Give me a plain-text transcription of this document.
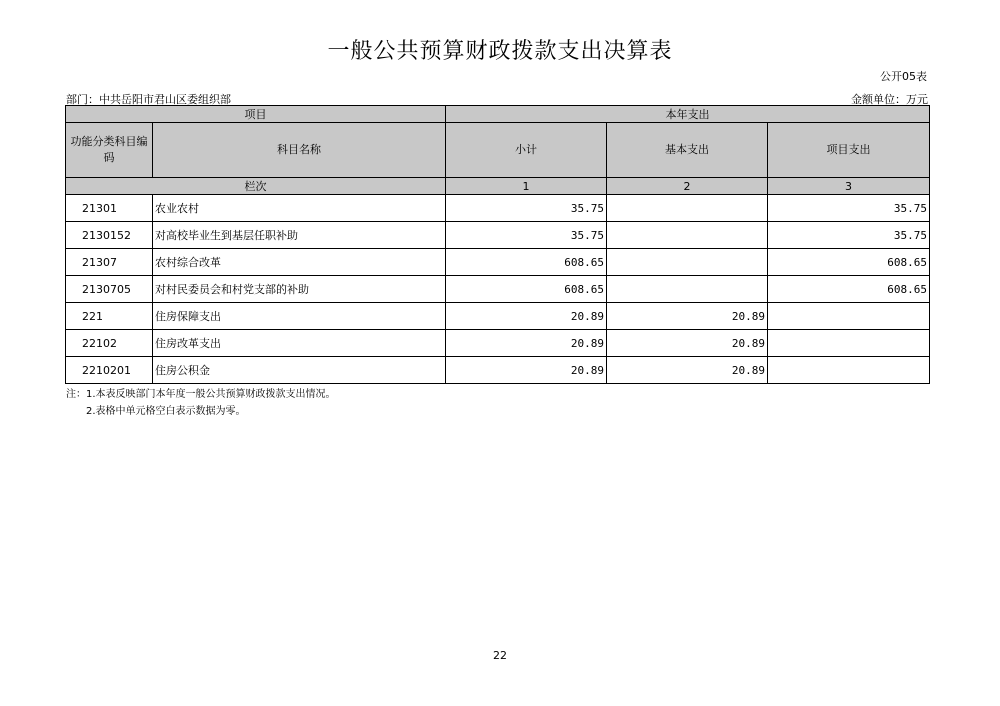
一般公共预算财政拨款支出决算表
公开05表
部门：中共岳阳市君山区委组织部	金额单位：万元
项目		本年支出		
功能分类科目编码	科目名称	小计	基本支出	项目支出
栏次		1	2	3
21301	农业农村	35.75		35.75
2130152	对高校毕业生到基层任职补助	35.75		35.75
21307	农村综合改革	608.65		608.65
2130705	对村民委员会和村党支部的补助	608.65		608.65
221	住房保障支出	20.89	20.89	
22102	住房改革支出	20.89	20.89	
2210201	住房公积金	20.89	20.89	
注：1.本表反映部门本年度一般公共预算财政拨款支出情况。
2.表格中单元格空白表示数据为零。
22
